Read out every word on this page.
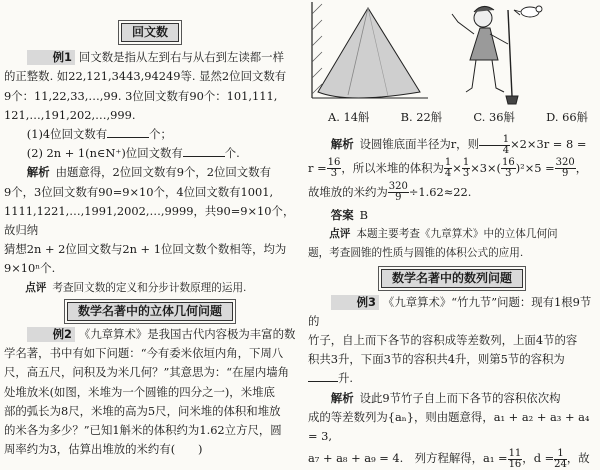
回文数

例1 回文数是指从左到右与从右到左读都一样

的正整数. 如22,121,3443,94249等. 显然2位回文数有

9个：11,22,33,…,99. 3位回文数有90个：101,111,

121,…,191,202,…,999.

(1)4位回文数有	个；

(2) 2n + 1(n∈N⁺)位回文数有	个.

解析 由题意得，2位回文数有9个，2位回文数有

9个，3位回文数有90=9×10个，4位回文数有1001,

1111,1221,…,1991,2002,…,9999，共90=9×10个，故归纳

猜想2n + 2位回文数与2n + 1位回文数个数相等，均为

9×10ⁿ个.

点评 考查回文数的定义和分步计数原理的运用.

数学名著中的立体几何问题

例2 《九章算术》是我国古代内容极为丰富的数

学名著，书中有如下问题：“今有委米依垣内角，下周八

尺，高五尺，问积及为米几何？”其意思为：“在屋内墙角

处堆放米(如图，米堆为一个圆锥的四分之一)，米堆底

部的弧长为8尺，米堆的高为5尺，问米堆的体积和堆放

的米各为多少？”已知1斛米的体积约为1.62立方尺，圆

周率约为3，估算出堆放的米约有(　　)

A. 14斛	B. 22斛	C. 36斛	D. 66斛

解析 设圆锥底面半径为r，则 $\frac{1}{4} \times 2\times 3r = 8$ =

$r = \frac{16}{3}$ ，所以米堆的体积为 $\frac{1}{4} \times \frac{1}{3} \times 3\times( \frac{16}{3} )^2\times 5 = \frac{320}{9}$ ，

故堆放的米约为 $\frac{320}{9} \div 1.62\approx 22$.

答案 B

点评 本题主要考查《九章算术》中的立体几何问

题，考查圆锥的性质与圆锥的体积公式的应用.

数学名著中的数列问题

例3 《九章算术》“竹九节”问题：现有1根9节的

竹子，自上而下各节的容积成等差数列，上面4节的容

积共3升，下面3节的容积共4升，则第5节的容积为

升.

解析 设此9节竹子自上而下各节的容积依次构

成的等差数列为{aₙ}，则由题意得，a₁ + a₂ + a₃ + a₄ = 3,

a₇ + a₈ + a₉ = 4.　列方程解得，$a_1 = \frac{11}{16}$ ，$d = \frac{1}{24}$ ，故
